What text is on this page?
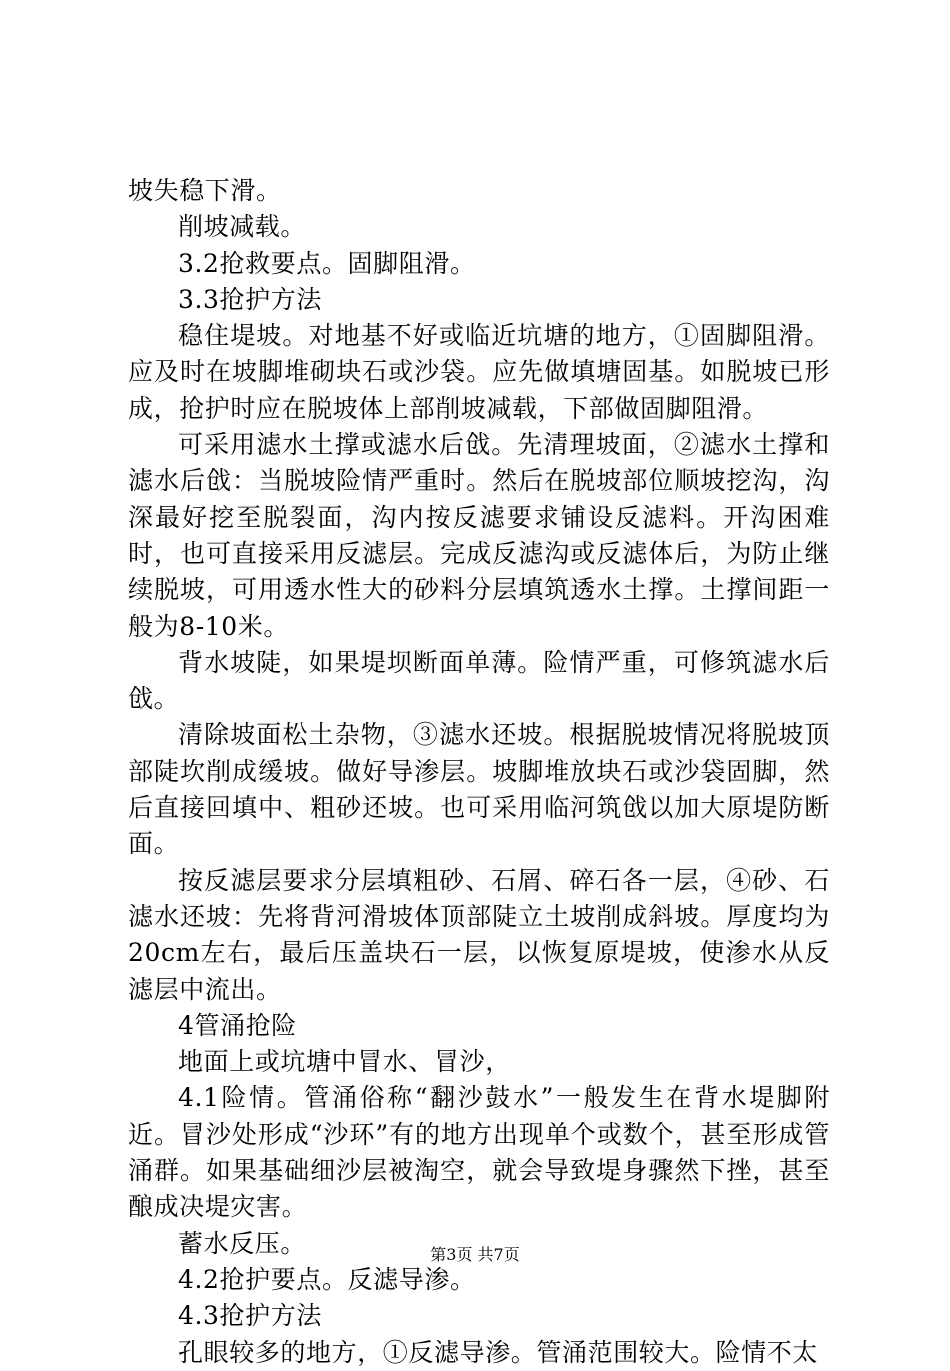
坡失稳下滑。

削坡减载。

3.2抢救要点。固脚阻滑。

3.3抢护方法

稳住堤坡。对地基不好或临近坑塘的地方，①固脚阻滑。应及时在坡脚堆砌块石或沙袋。应先做填塘固基。如脱坡已形成，抢护时应在脱坡体上部削坡减载，下部做固脚阻滑。

可采用滤水土撑或滤水后戗。先清理坡面，②滤水土撑和滤水后戗：当脱坡险情严重时。然后在脱坡部位顺坡挖沟，沟深最好挖至脱裂面，沟内按反滤要求铺设反滤料。开沟困难时，也可直接采用反滤层。完成反滤沟或反滤体后，为防止继续脱坡，可用透水性大的砂料分层填筑透水土撑。土撑间距一般为8-10米。

背水坡陡，如果堤坝断面单薄。险情严重，可修筑滤水后戗。

清除坡面松土杂物，③滤水还坡。根据脱坡情况将脱坡顶部陡坎削成缓坡。做好导渗层。坡脚堆放块石或沙袋固脚，然后直接回填中、粗砂还坡。也可采用临河筑戗以加大原堤防断面。

按反滤层要求分层填粗砂、石屑、碎石各一层，④砂、石滤水还坡：先将背河滑坡体顶部陡立土坡削成斜坡。厚度均为20cm左右，最后压盖块石一层，以恢复原堤坡，使渗水从反滤层中流出。

4管涌抢险

地面上或坑塘中冒水、冒沙，

4.1险情。管涌俗称“翻沙鼓水”一般发生在背水堤脚附近。冒沙处形成“沙环”有的地方出现单个或数个，甚至形成管涌群。如果基础细沙层被淘空，就会导致堤身骤然下挫，甚至酿成决堤灾害。

蓄水反压。

4.2抢护要点。反滤导渗。

4.3抢护方法

孔眼较多的地方，①反滤导渗。管涌范围较大。险情不太

第3页 共7页
